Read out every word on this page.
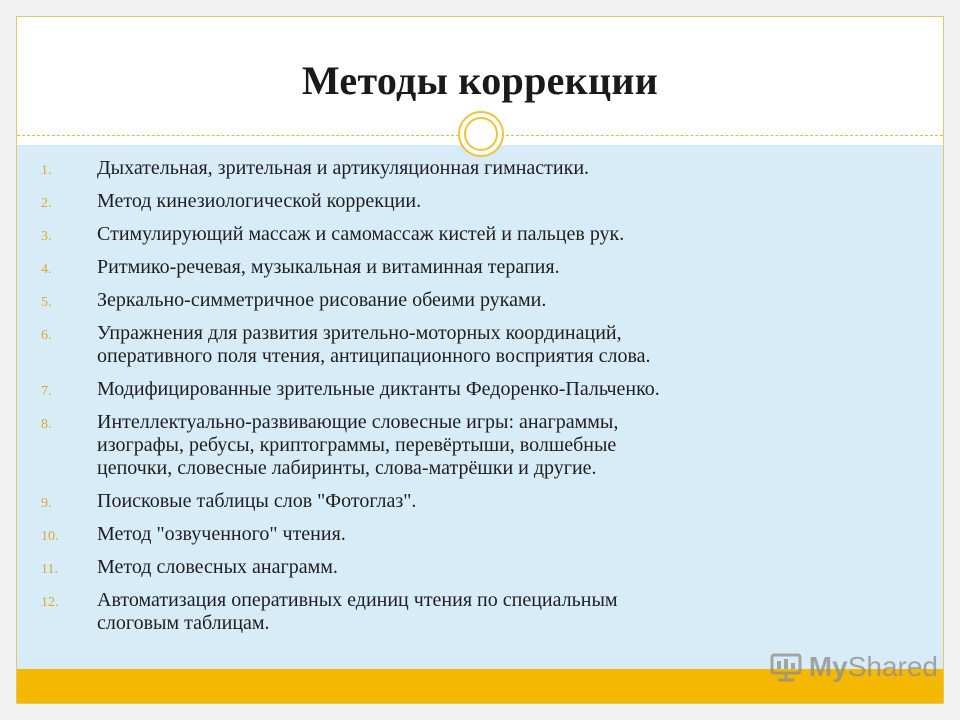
Методы коррекции
1.	Дыхательная, зрительная и артикуляционная гимнастики.
2.	Метод кинезиологической коррекции.
3.	Стимулирующий массаж и самомассаж кистей и пальцев рук.
4.	Ритмико-речевая, музыкальная и витаминная терапия.
5.	Зеркально-симметричное рисование обеими руками.
6.	Упражнения для развития зрительно-моторных координаций,
оперативного поля чтения, антиципационного восприятия слова.
7.	Модифицированные зрительные диктанты Федоренко-Пальченко.
8.	Интеллектуально-развивающие словесные игры: анаграммы,
изографы, ребусы, криптограммы, перевёртыши, волшебные
цепочки, словесные лабиринты, слова-матрёшки и другие.
9.	Поисковые таблицы слов "Фотоглаз".
10.	Метод "озвученного" чтения.
11.	Метод словесных анаграмм.
12.	Автоматизация оперативных единиц чтения по специальным
слоговым таблицам.
MyShared
